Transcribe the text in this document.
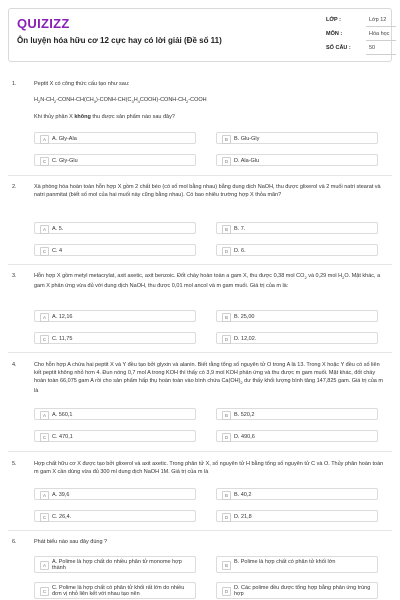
QUIZIZZ
Ôn luyện hóa hữu cơ 12 cực hay có lời giải (Đề số 11)
LỚP :	Lớp 12
MÔN :	Hóa học
SỐ CÂU :	50
1.	Peptit X có công thức cấu tạo như sau:
$H_2N-CH_2-CONH-CH(CH_3)-CONH-CH(C_3H_4COOH)-CONH-CH_2$-COOH
Khi thủy phân X không thu được sản phẩm nào sau đây?
A	A. Gly-Ala	B	B. Glu-Gly
C	C. Gly-Glu	D	D. Ala-Glu
2.	Xà phòng hóa hoàn toàn hỗn hợp X gồm 2 chất béo (có số mol bằng nhau) bằng dung dịch NaOH, thu được glixerol và 2 muối natri stearat và natri panmitat (biết số mol của hai muối này cũng bằng nhau). Có bao nhiêu trường hợp X thỏa mãn?
A	A. 5.	B	B. 7.
C	C. 4	D	D. 6.
3.	Hỗn hợp X gồm metyl metacrylat, axit axetic, axit benzoic. Đốt cháy hoàn toàn a gam X, thu được 0,38 mol $CO_2$ và 0,29 mol $H_2O$. Mặt khác, a gam X phản ứng vừa đủ với dung dịch NaOH, thu được 0,01 mol ancol và m gam muối. Giá trị của m là:
A	A. 12,16	B	B. 25,00
C	C. 11,75	D	D. 12,02.
4.	Cho hỗn hợp A chứa hai peptit X và Y đều tạo bởi glyxin và alanin. Biết rằng tổng số nguyên tử O trong A là 13. Trong X hoặc Y đều có số liên kết peptit không nhỏ hơn 4. Đun nóng 0,7 mol A trong KOH thì thấy có 3,9 mol KOH phản ứng và thu được m gam muối. Mặt khác, đốt cháy hoàn toàn 66,075 gam A rồi cho sản phẩm hấp thụ hoàn toàn vào bình chứa $Ca(OH)_2$ dư thấy khối lượng bình tăng 147,825 gam. Giá trị của m là
A	A. 560,1	B	B. 520,2
C	C. 470,1	D	D. 490,6
5.	Hợp chất hữu cơ X được tạo bởi glixerol và axit axetic. Trong phân tử X, số nguyên tử H bằng tổng số nguyên tử C và O. Thủy phân hoàn toàn m gam X cần dùng vừa đủ 300 ml dung dịch NaOH 1M. Giá trị của m là
A	A. 39,6	B	B. 40,2
C	C. 26,4.	D	D. 21,8
6.	Phát biểu nào sau đây đúng ?
A
A. Polime là hợp chất do nhiều phân tử monome hợp thành	B
B. Polime là hợp chất có phân tử khối lớn
C
C. Polime là hợp chất có phân tử khối rất lớn do nhiều đơn vị nhỏ liên kết với nhau tạo nên	D
D. Các polime đều được tổng hợp bằng phản ứng trùng hợp
